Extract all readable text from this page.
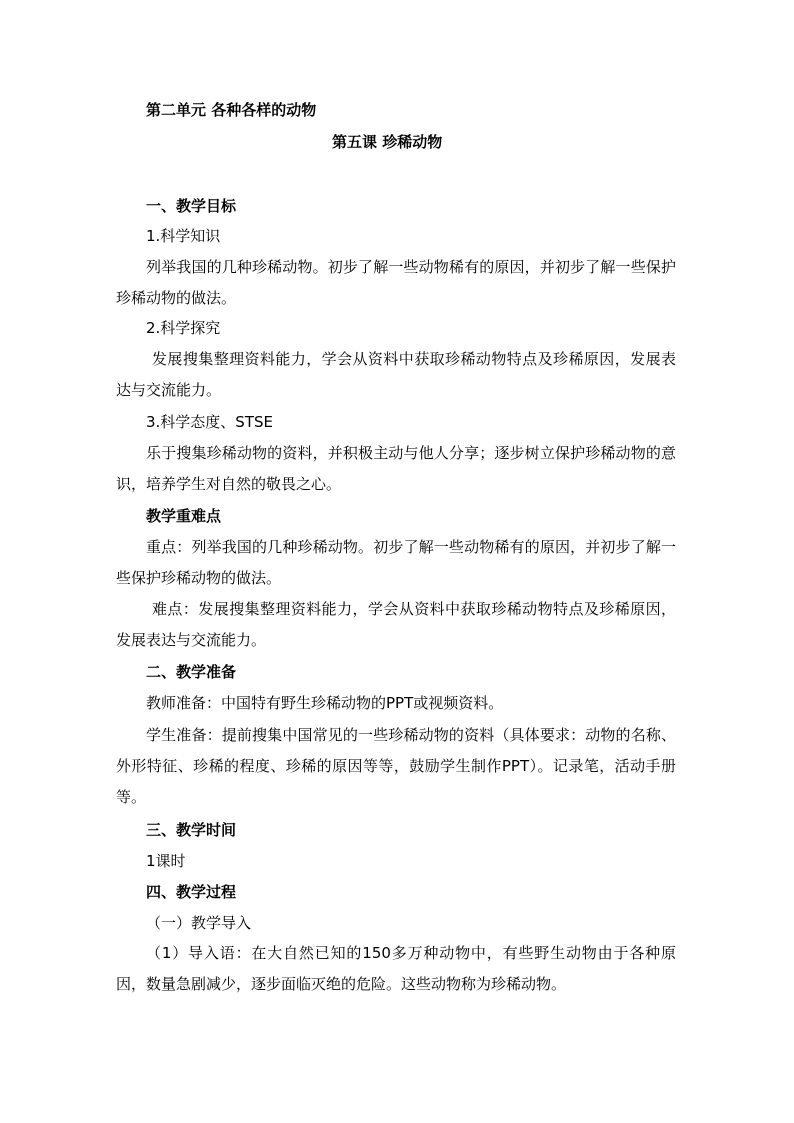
第二单元 各种各样的动物
第五课 珍稀动物
一、教学目标
1.科学知识
列举我国的几种珍稀动物。初步了解一些动物稀有的原因，并初步了解一些保护珍稀动物的做法。
2.科学探究
发展搜集整理资料能力，学会从资料中获取珍稀动物特点及珍稀原因，发展表达与交流能力。
3.科学态度、STSE
乐于搜集珍稀动物的资料，并积极主动与他人分享；逐步树立保护珍稀动物的意识，培养学生对自然的敬畏之心。
教学重难点
重点：列举我国的几种珍稀动物。初步了解一些动物稀有的原因，并初步了解一些保护珍稀动物的做法。
难点：发展搜集整理资料能力，学会从资料中获取珍稀动物特点及珍稀原因，发展表达与交流能力。
二、教学准备
教师准备：中国特有野生珍稀动物的PPT或视频资料。
学生准备：提前搜集中国常见的一些珍稀动物的资料（具体要求：动物的名称、外形特征、珍稀的程度、珍稀的原因等等，鼓励学生制作PPT）。记录笔，活动手册等。
三、教学时间
1课时
四、教学过程
（一）教学导入
（1）导入语：在大自然已知的150多万种动物中，有些野生动物由于各种原因，数量急剧减少，逐步面临灭绝的危险。这些动物称为珍稀动物。
